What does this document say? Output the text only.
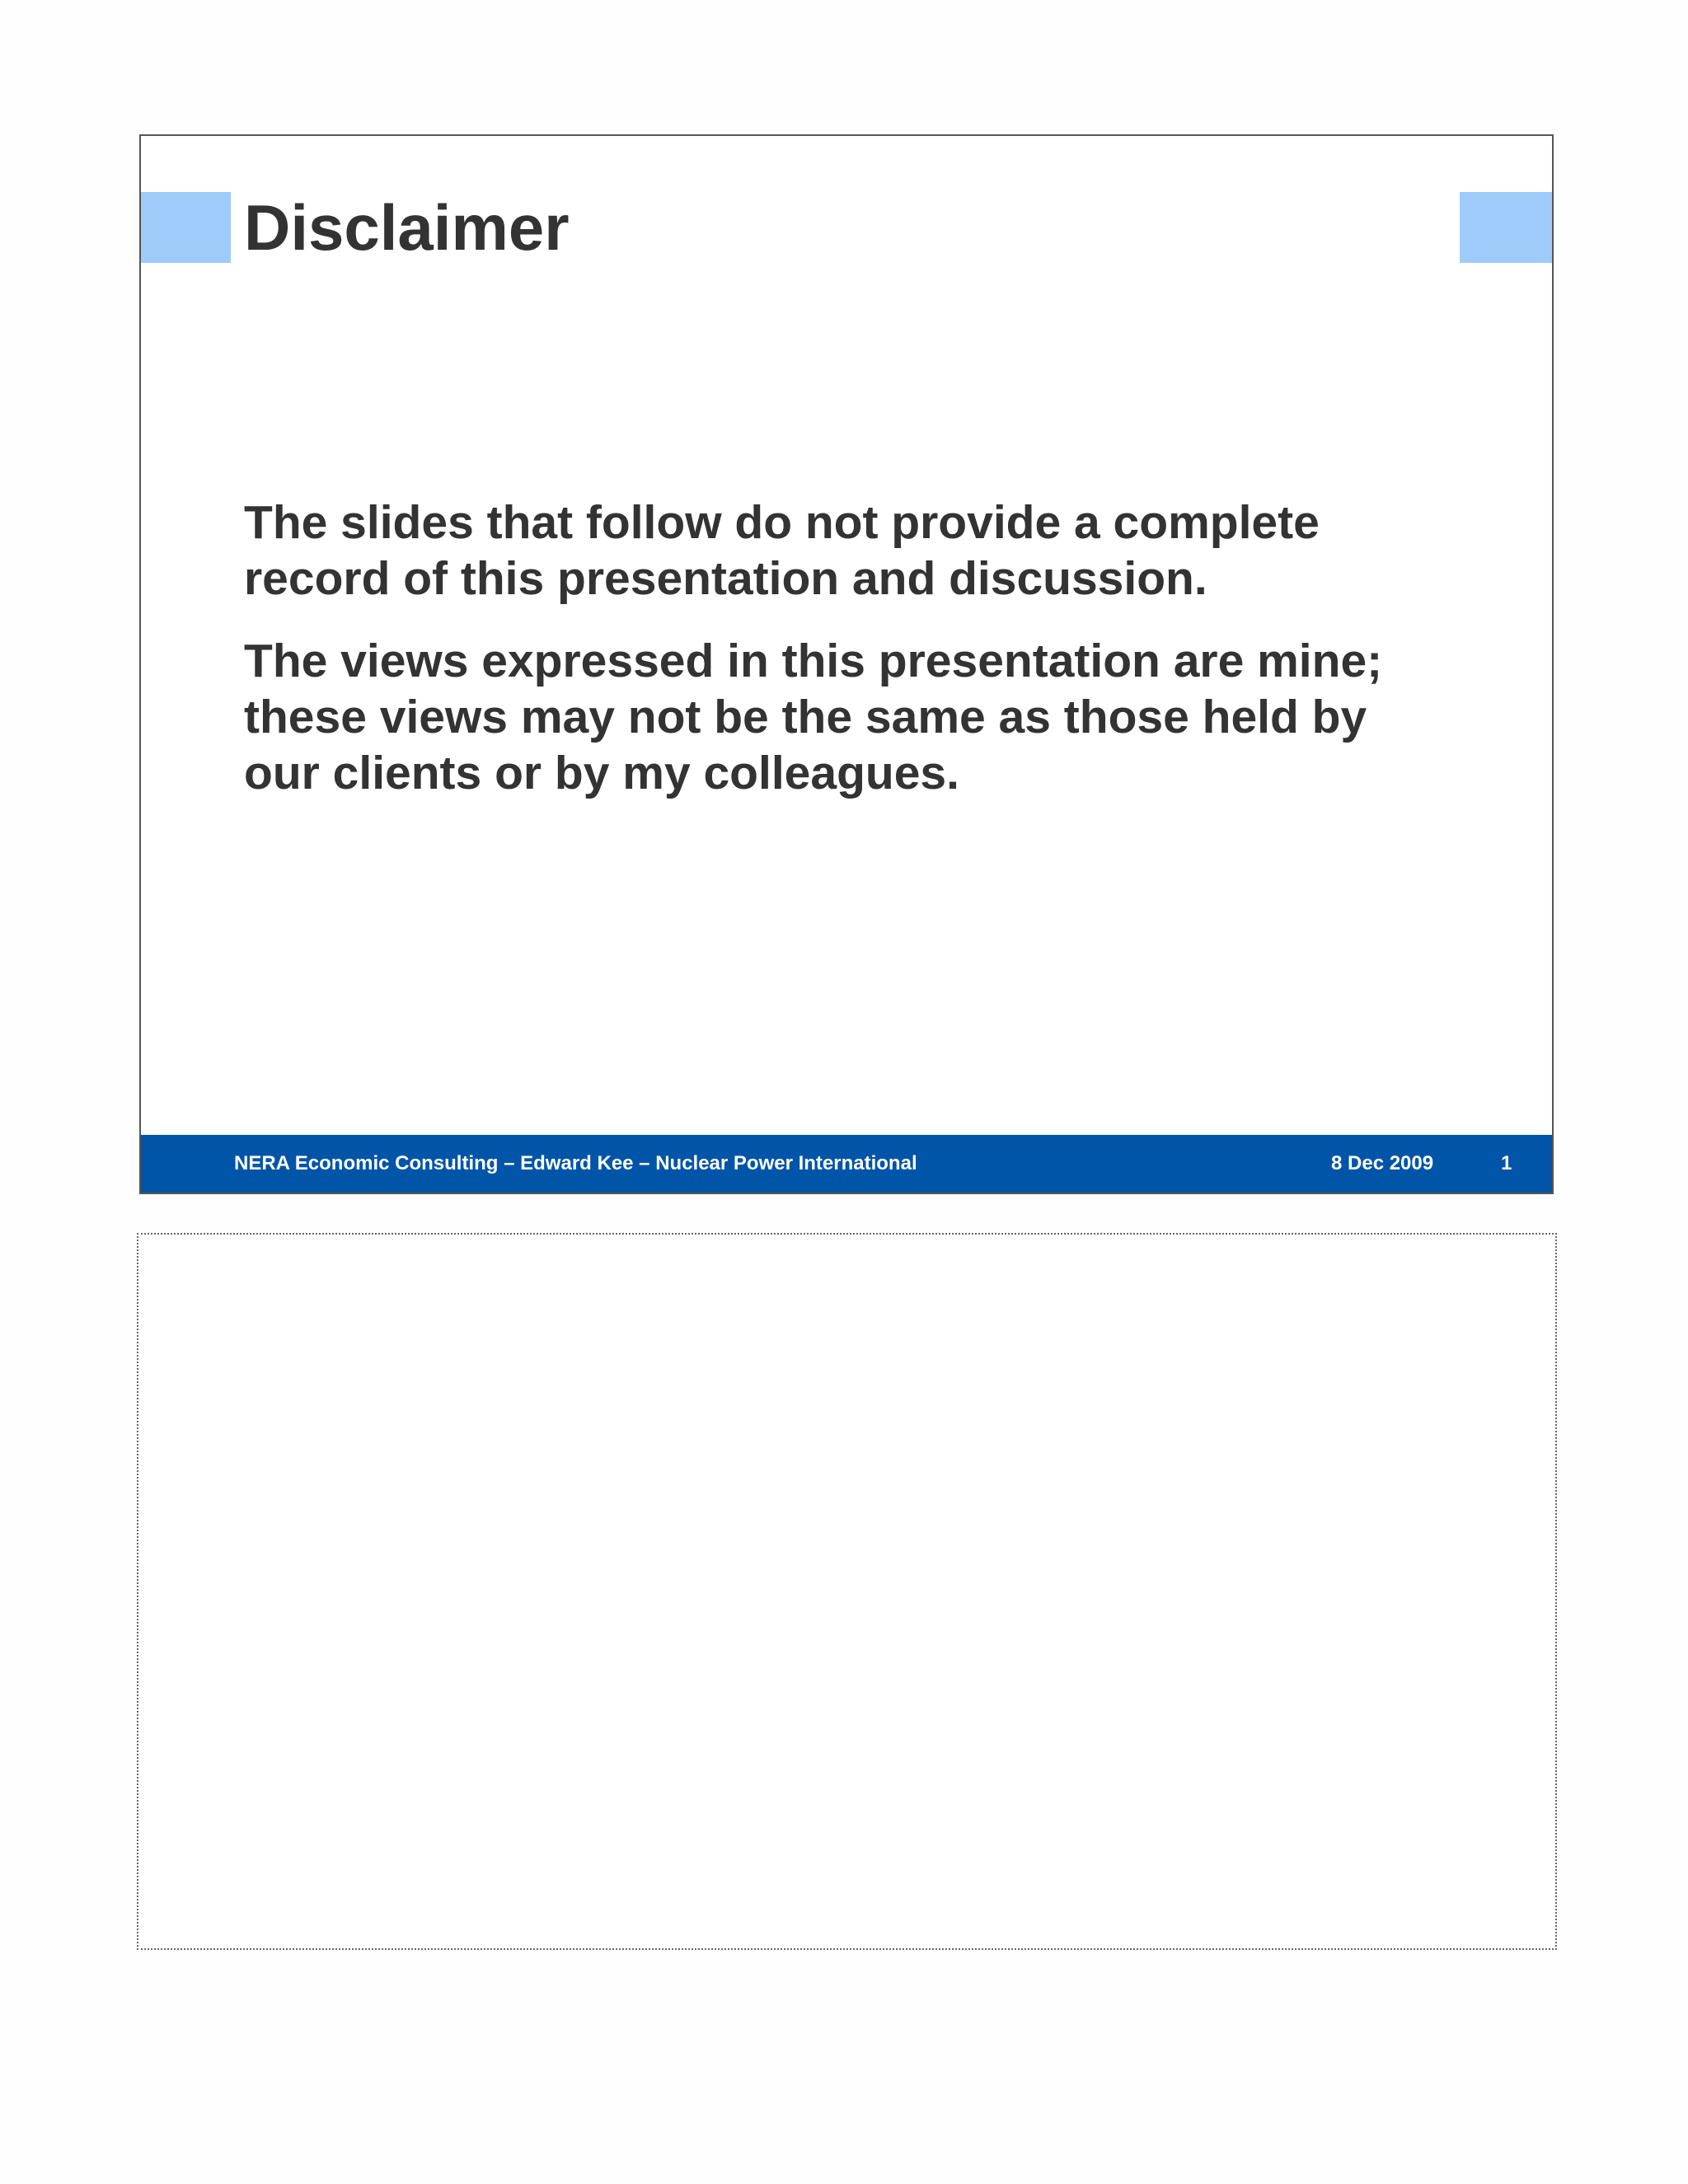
Disclaimer

The slides that follow do not provide a complete record of this presentation and discussion.

The views expressed in this presentation are mine; these views may not be the same as those held by our clients or by my colleagues.

NERA Economic Consulting – Edward Kee – Nuclear Power International	8 Dec 2009	1
